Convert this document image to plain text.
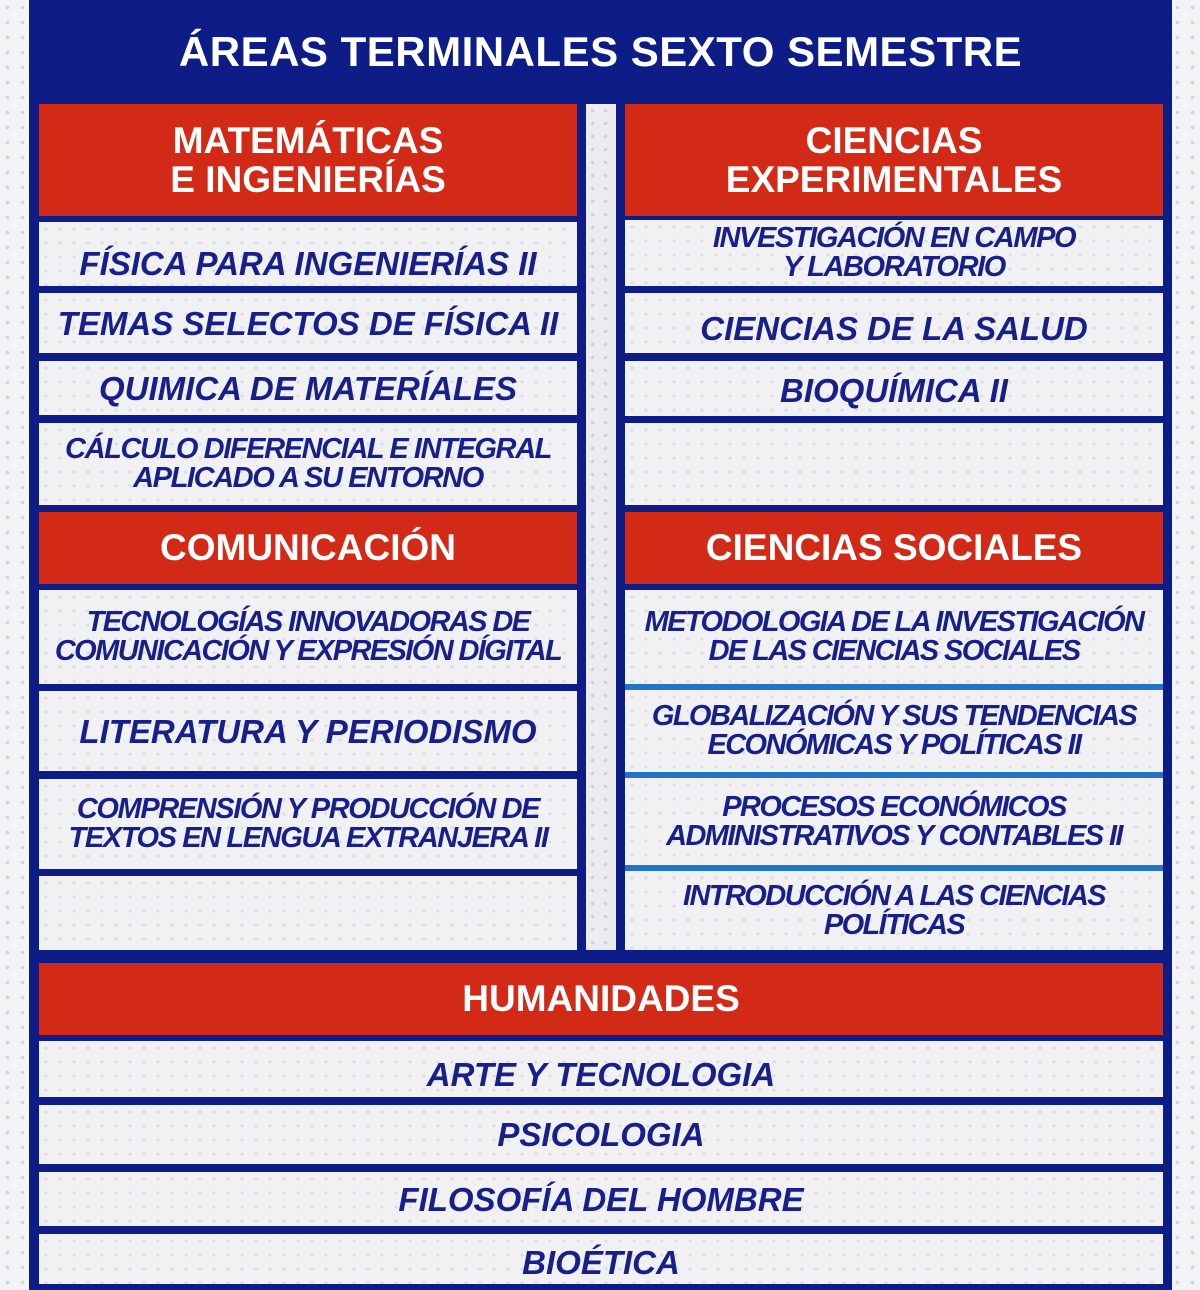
ÁREAS TERMINALES SEXTO SEMESTRE
MATEMÁTICAS
E INGENIERÍAS
FÍSICA PARA INGENIERÍAS II
TEMAS SELECTOS DE FÍSICA II
QUIMICA DE MATERÍALES
CÁLCULO DIFERENCIAL E INTEGRAL
APLICADO A SU ENTORNO
COMUNICACIÓN
TECNOLOGÍAS INNOVADORAS DE
COMUNICACIÓN Y EXPRESIÓN DÍGITAL
LITERATURA Y PERIODISMO
COMPRENSIÓN Y PRODUCCIÓN DE
TEXTOS EN LENGUA EXTRANJERA II
CIENCIAS
EXPERIMENTALES
INVESTIGACIÓN EN CAMPO
Y LABORATORIO
CIENCIAS DE LA SALUD
BIOQUÍMICA II
CIENCIAS SOCIALES
METODOLOGIA DE LA INVESTIGACIÓN
DE LAS CIENCIAS SOCIALES
GLOBALIZACIÓN Y SUS TENDENCIAS
ECONÓMICAS Y POLÍTICAS II
PROCESOS ECONÓMICOS
ADMINISTRATIVOS Y CONTABLES II
INTRODUCCIÓN A LAS CIENCIAS
POLÍTICAS
HUMANIDADES
ARTE Y TECNOLOGIA
PSICOLOGIA
FILOSOFÍA DEL HOMBRE
BIOÉTICA
